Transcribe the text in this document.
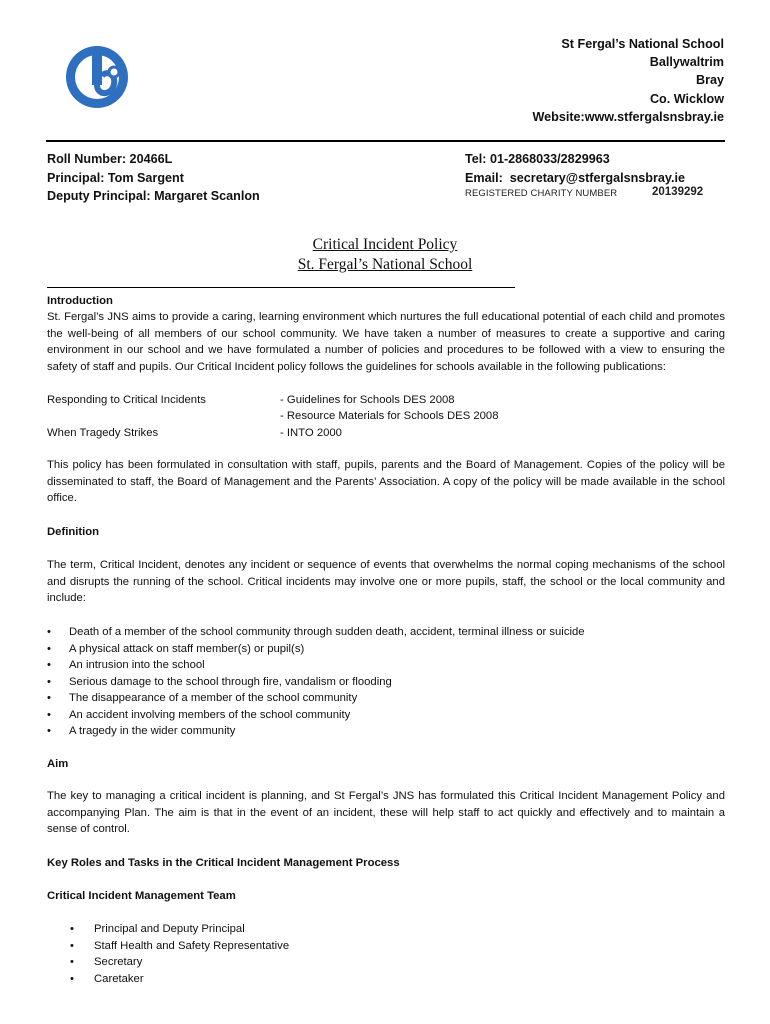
St Fergal’s National School
Ballywaltrim
Bray
Co. Wicklow
Website:www.stfergalsnsbray.ie
Roll Number: 20466L
Principal: Tom Sargent
Deputy Principal: Margaret Scanlon
Tel: 01-2868033/2829963
Email:  secretary@stfergalsnsbray.ie
REGISTERED CHARITY NUMBER	20139292
Critical Incident Policy
St. Fergal’s National School
Introduction
St. Fergal’s JNS aims to provide a caring, learning environment which nurtures the full educational potential of each child and promotes the well-being of all members of our school community. We have taken a number of measures to create a supportive and caring environment in our school and we have formulated a number of policies and procedures to be followed with a view to ensuring the safety of staff and pupils. Our Critical Incident policy follows the guidelines for schools available in the following publications:
Responding to Critical Incidents	- Guidelines for Schools DES 2008
- Resource Materials for Schools DES 2008
When Tragedy Strikes	- INTO 2000
This policy has been formulated in consultation with staff, pupils, parents and the Board of Management. Copies of the policy will be disseminated to staff, the Board of Management and the Parents’ Association. A copy of the policy will be made available in the school office.
Definition
The term, Critical Incident, denotes any incident or sequence of events that overwhelms the normal coping mechanisms of the school and disrupts the running of the school. Critical incidents may involve one or more pupils, staff, the school or the local community and include:
• Death of a member of the school community through sudden death, accident, terminal illness or suicide
• A physical attack on staff member(s) or pupil(s)
• An intrusion into the school
• Serious damage to the school through fire, vandalism or flooding
• The disappearance of a member of the school community
• An accident involving members of the school community
• A tragedy in the wider community
Aim
The key to managing a critical incident is planning, and St Fergal’s JNS has formulated this Critical Incident Management Policy and accompanying Plan. The aim is that in the event of an incident, these will help staff to act quickly and effectively and to maintain a sense of control.
Key Roles and Tasks in the Critical Incident Management Process
Critical Incident Management Team
• Principal and Deputy Principal
• Staff Health and Safety Representative
• Secretary
• Caretaker
